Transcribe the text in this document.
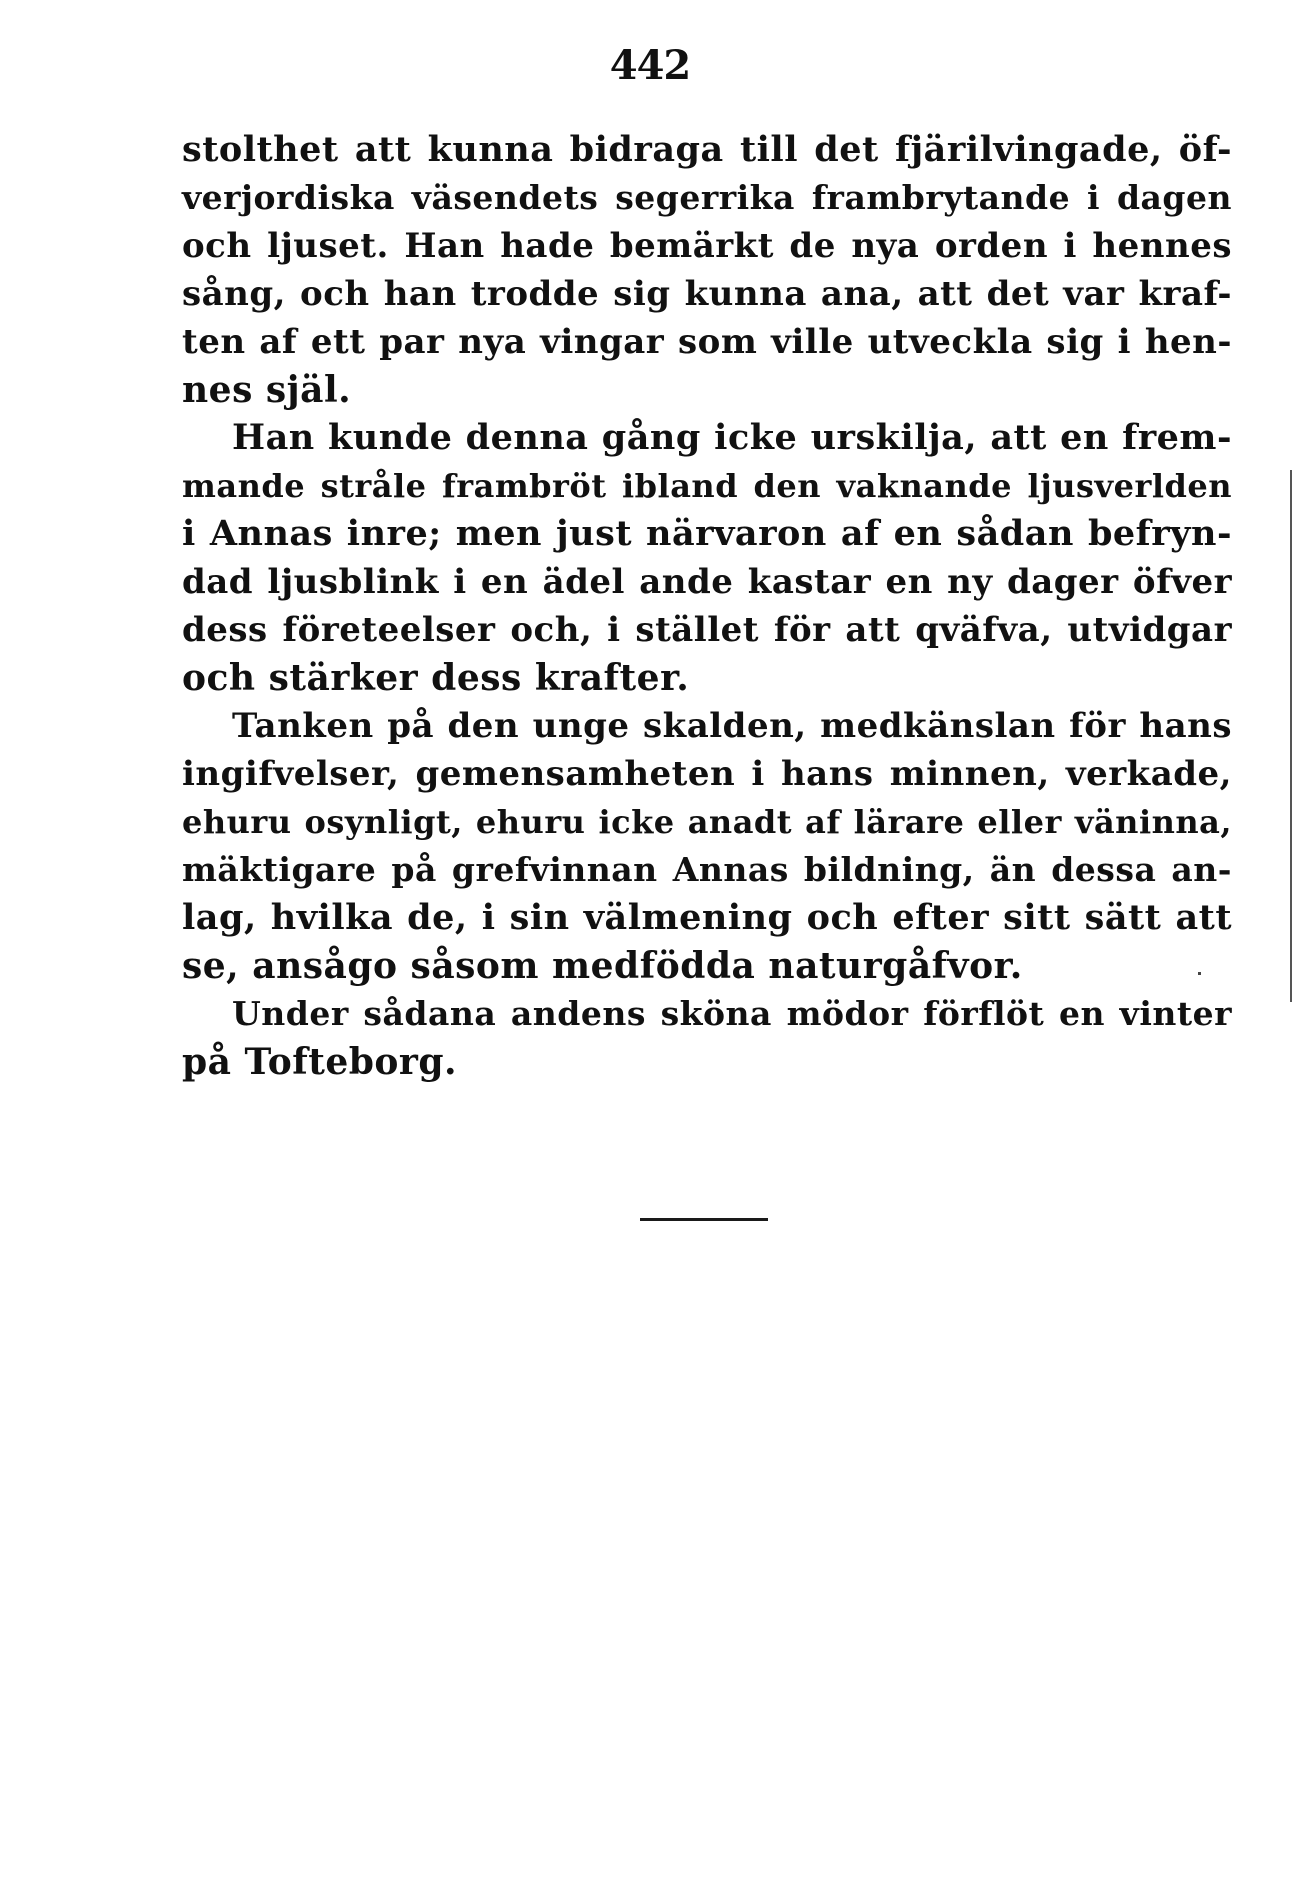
442
stolthet att kunna bidraga till det fjärilvingade, öf-
verjordiska väsendets segerrika frambrytande i dagen
och ljuset. Han hade bemärkt de nya orden i hennes
sång, och han trodde sig kunna ana, att det var kraf-
ten af ett par nya vingar som ville utveckla sig i hen-
nes själ.
Han kunde denna gång icke urskilja, att en frem-
mande stråle frambröt ibland den vaknande ljusverlden
i Annas inre; men just närvaron af en sådan befryn-
dad ljusblink i en ädel ande kastar en ny dager öfver
dess företeelser och, i stället för att qväfva, utvidgar
och stärker dess krafter.
Tanken på den unge skalden, medkänslan för hans
ingifvelser, gemensamheten i hans minnen, verkade,
ehuru osynligt, ehuru icke anadt af lärare eller väninna,
mäktigare på grefvinnan Annas bildning, än dessa an-
lag, hvilka de, i sin välmening och efter sitt sätt att
se, ansågo såsom medfödda naturgåfvor.
Under sådana andens sköna mödor förflöt en vinter
på Tofteborg.
